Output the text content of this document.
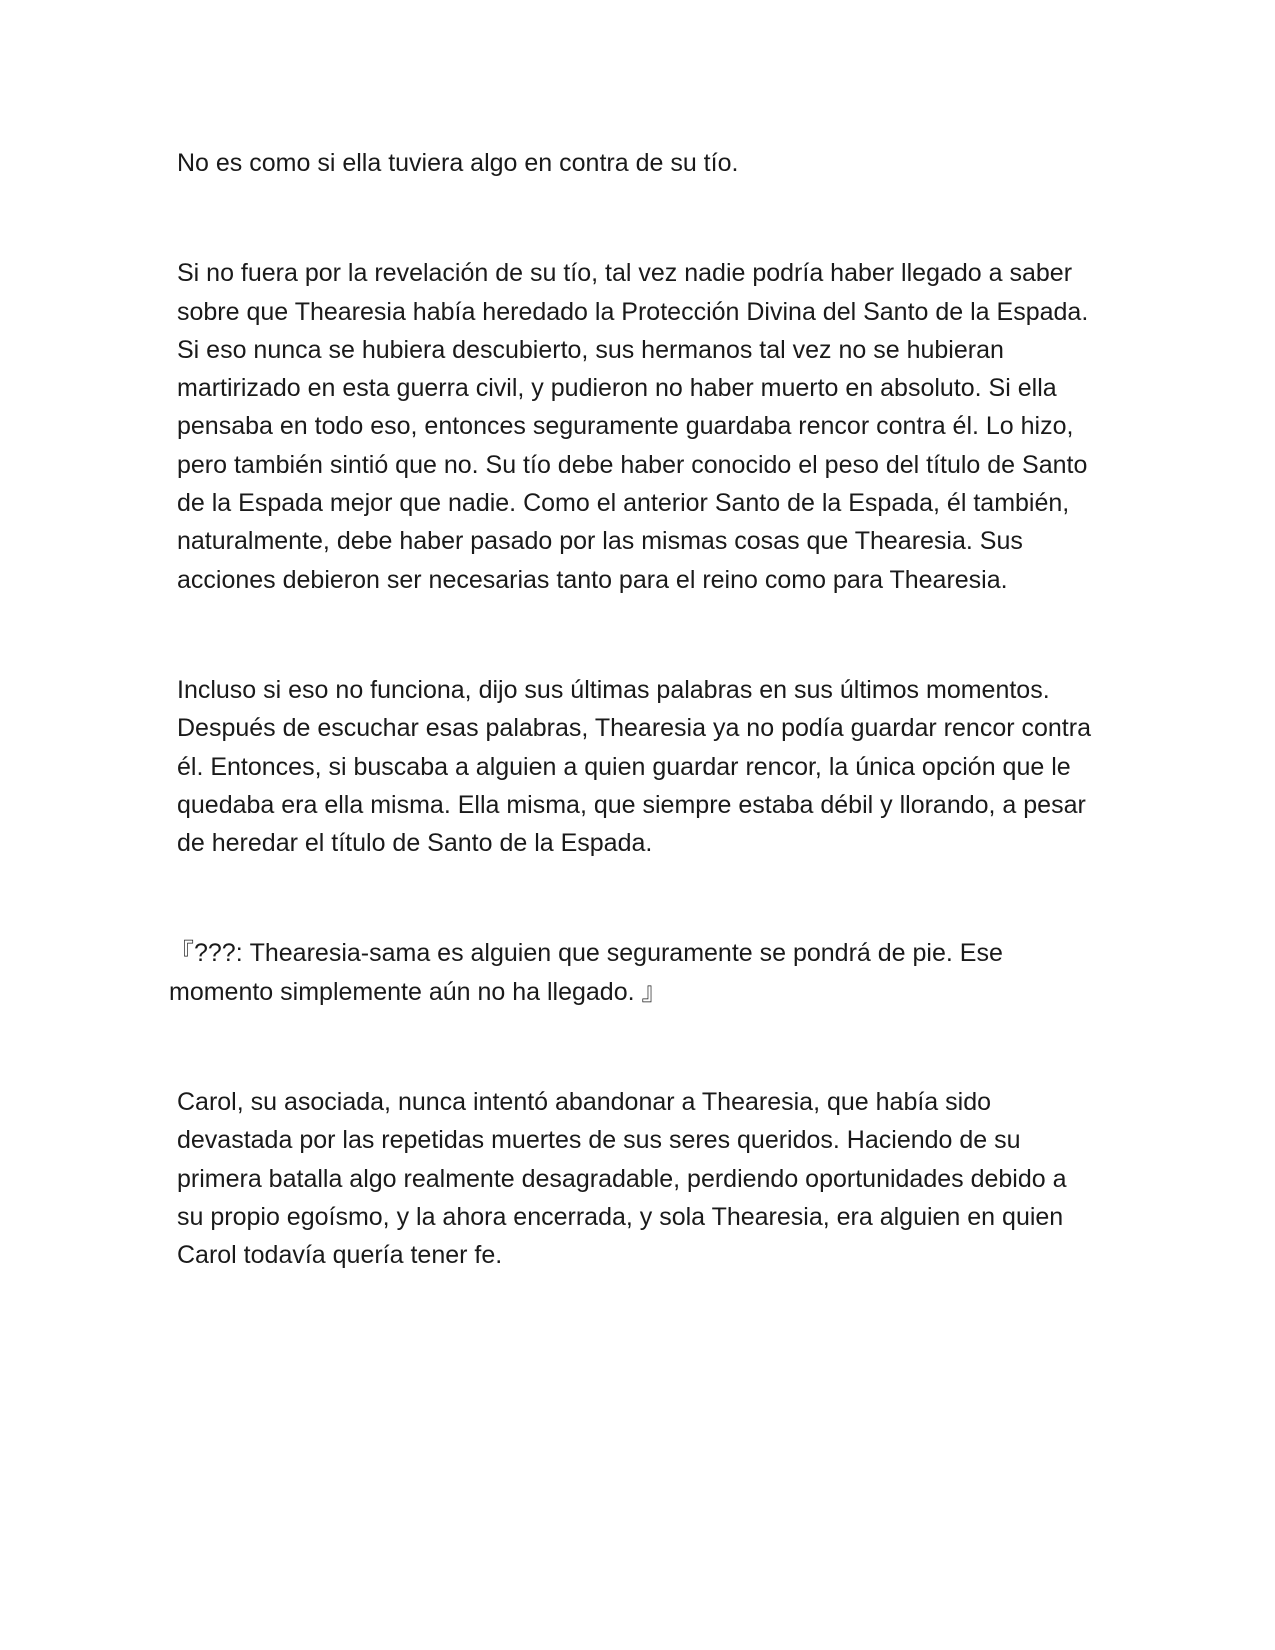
No es como si ella tuviera algo en contra de su tío.

Si no fuera por la revelación de su tío, tal vez nadie podría haber llegado a saber sobre que Thearesia había heredado la Protección Divina del Santo de la Espada. Si eso nunca se hubiera descubierto, sus hermanos tal vez no se hubieran martirizado en esta guerra civil, y pudieron no haber muerto en absoluto. Si ella pensaba en todo eso, entonces seguramente guardaba rencor contra él. Lo hizo, pero también sintió que no. Su tío debe haber conocido el peso del título de Santo de la Espada mejor que nadie. Como el anterior Santo de la Espada, él también, naturalmente, debe haber pasado por las mismas cosas que Thearesia. Sus acciones debieron ser necesarias tanto para el reino como para Thearesia.

Incluso si eso no funciona, dijo sus últimas palabras en sus últimos momentos. Después de escuchar esas palabras, Thearesia ya no podía guardar rencor contra él. Entonces, si buscaba a alguien a quien guardar rencor, la única opción que le quedaba era ella misma. Ella misma, que siempre estaba débil y llorando, a pesar de heredar el título de Santo de la Espada.

『???: Thearesia-sama es alguien que seguramente se pondrá de pie. Ese momento simplemente aún no ha llegado. 』

Carol, su asociada, nunca intentó abandonar a Thearesia, que había sido devastada por las repetidas muertes de sus seres queridos. Haciendo de su primera batalla algo realmente desagradable, perdiendo oportunidades debido a su propio egoísmo, y la ahora encerrada, y sola Thearesia, era alguien en quien Carol todavía quería tener fe.
